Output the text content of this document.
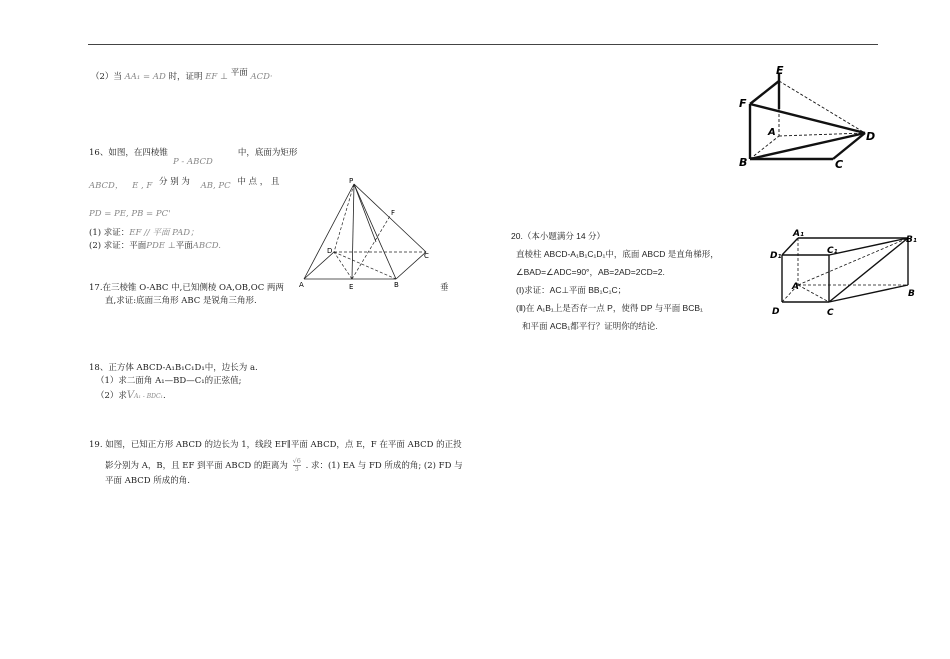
（2）当 AA₁ = AD 时，证明 EF ⊥ 平面 ACD·
16、如图，在四棱锥	中，底面为矩形
P - ABCD
ABCD， E , F 分 别 为 AB, PC 中 点 ， 且
PD = PE, PB = PC'
(1) 求证：EF // 平面 PAD；
(2) 求证：平面PDE ⊥平面ABCD.
P
F
D
C
A	E	B
17.在三棱锥 O-ABC 中,已知侧棱 OA,OB,OC 两两	垂
直,求证:底面三角形 ABC 是锐角三角形.
18、正方体 ABCD-A₁B₁C₁D₁中，边长为 a.
（1）求二面角 A₁—BD—C₁的正弦值;
（2）求VA₁ - BDC₁.
19. 如图，已知正方形 ABCD 的边长为 1，线段 EF∥平面 ABCD，点 E，F 在平面 ABCD 的正投
影分别为 A，B，且 EF 到平面 ABCD 的距离为 $\frac{√6}{3}$ . 求：(1) EA 与 FD 所成的角; (2) FD 与
平面 ABCD 所成的角.
E
F
A	D
B	C
20.（本小题满分 14 分）
直棱柱 ABCD-A₁B₁C₁D₁中，底面 ABCD 是直角梯形，
∠BAD=∠ADC=90°，AB=2AD=2CD=2.
(Ⅰ)求证：AC⊥平面 BB₁C₁C；
(Ⅱ)在 A₁B₁上是否存一点 P，使得 DP 与平面 BCB₁
和平面 ACB₁都平行？证明你的结论.
A₁
B₁
D₁	C₁
A
B
D	C
